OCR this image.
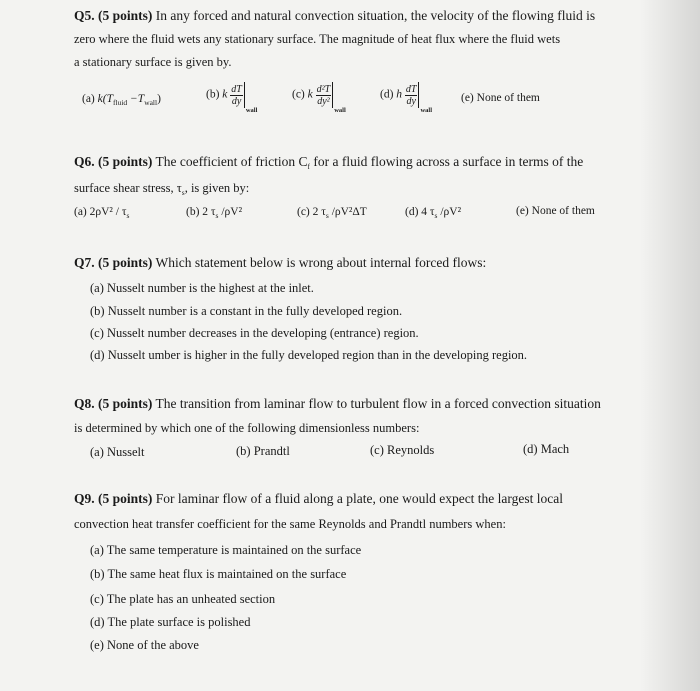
Q5. (5 points) In any forced and natural convection situation, the velocity of the flowing fluid is
zero where the fluid wets any stationary surface. The magnitude of heat flux where the fluid wets
a stationary surface is given by.
(a) $k(T_{fluid} -T_{wall})$	(b) k $\frac{dT}{dy}$
wall
(c) k $\frac{\text{d²T}}{\text{dy²}}$
wall
(d) h $\frac{dT}{dy}$
wall
(e) None of them
Q6. (5 points) The coefficient of friction $C_f$ for a fluid flowing across a surface in terms of the
surface shear stress, $\tau_s$, is given by:
(a) $2\rho V^2 / \tau_s$	(b) 2 $\tau_s$ /ρV²	(c) 2 $\tau_s$ /ρV²ΔT	(d) 4 $\tau_s$ /ρV²	(e) None of them
Q7. (5 points) Which statement below is wrong about internal forced flows:
(a) Nusselt number is the highest at the inlet.
(b) Nusselt number is a constant in the fully developed region.
(c) Nusselt number decreases in the developing (entrance) region.
(d) Nusselt umber is higher in the fully developed region than in the developing region.
Q8. (5 points) The transition from laminar flow to turbulent flow in a forced convection situation
is determined by which one of the following dimensionless numbers:
(a) Nusselt	(b) Prandtl	(c) Reynolds	(d) Mach
Q9. (5 points) For laminar flow of a fluid along a plate, one would expect the largest local
convection heat transfer coefficient for the same Reynolds and Prandtl numbers when:
(a) The same temperature is maintained on the surface
(b) The same heat flux is maintained on the surface
(c) The plate has an unheated section
(d) The plate surface is polished
(e) None of the above
